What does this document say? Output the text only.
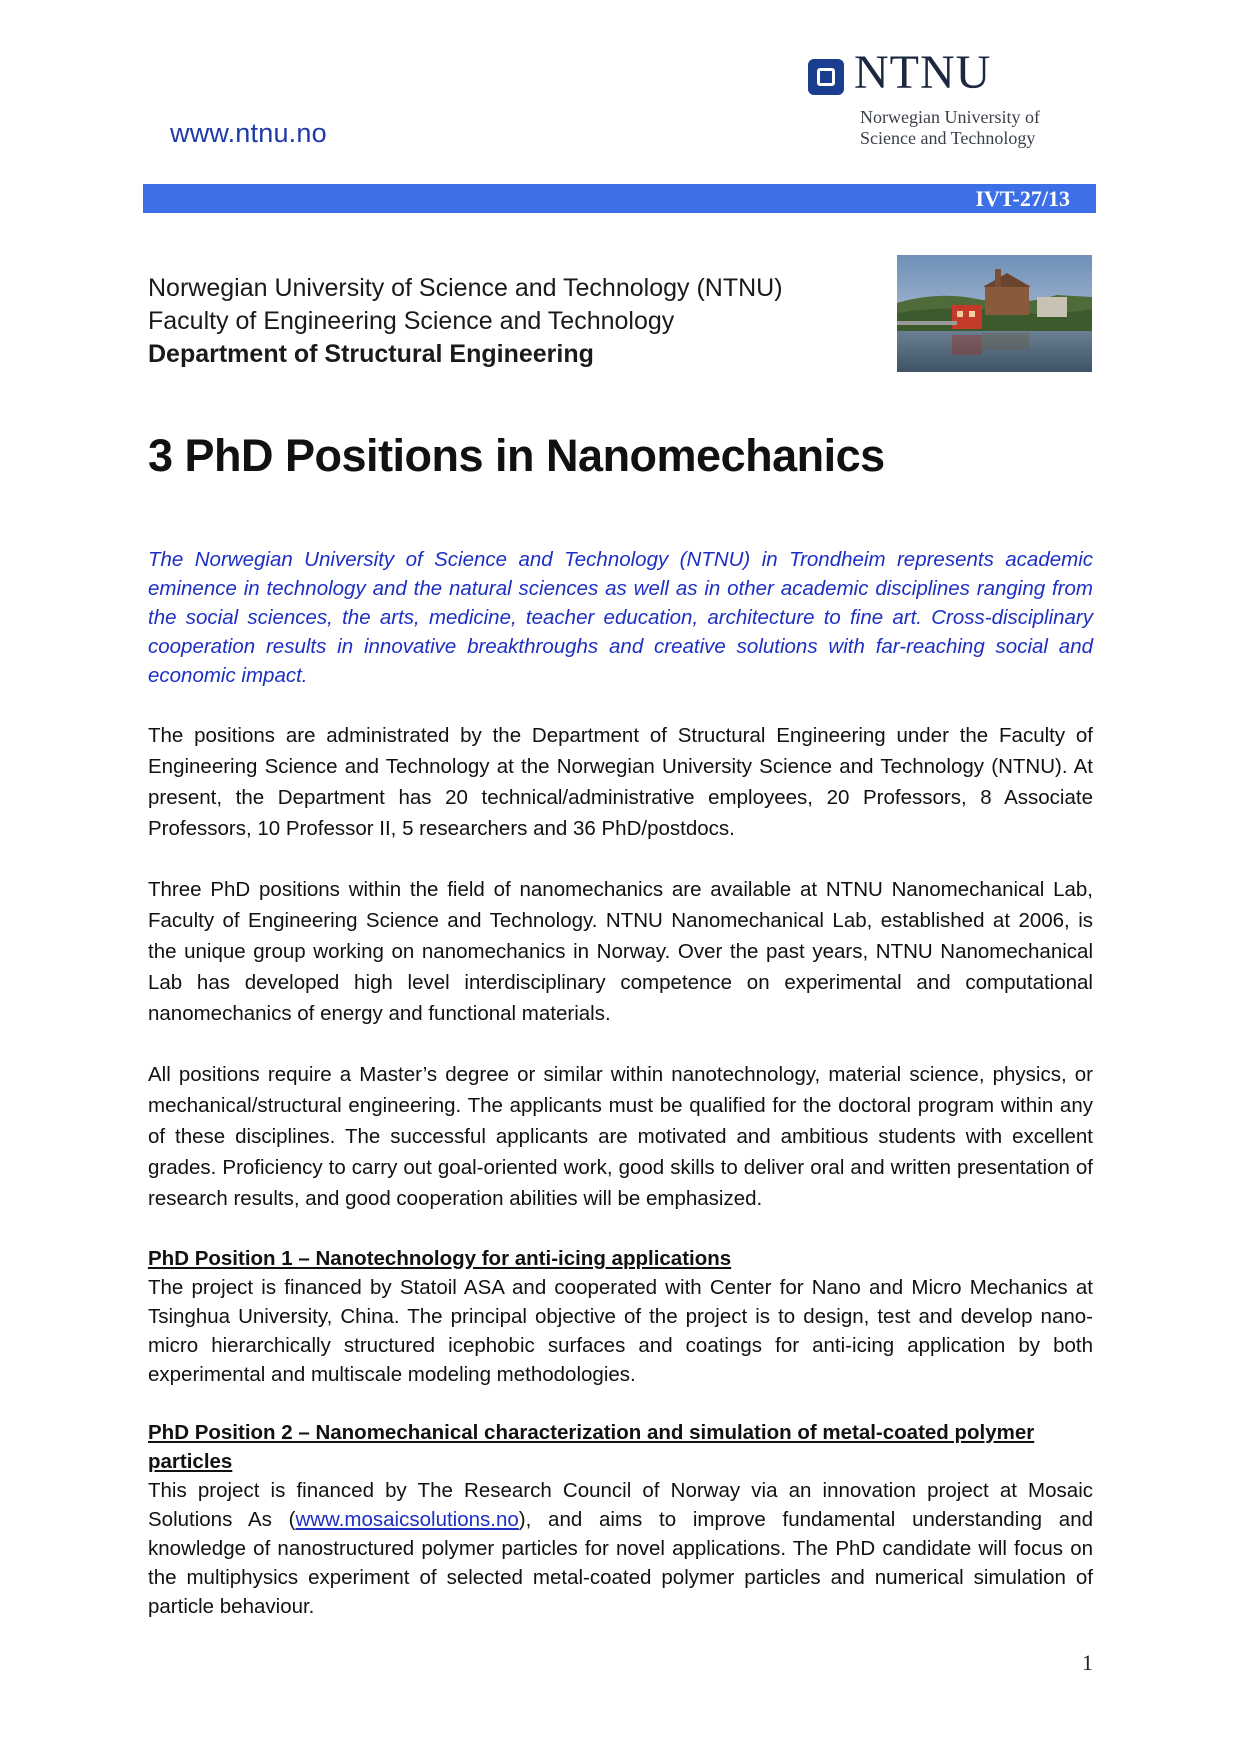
www.ntnu.no
NTNU
Norwegian University of
Science and Technology
IVT-27/13
Norwegian University of Science and Technology (NTNU)
Faculty of Engineering Science and Technology
Department of Structural Engineering
3 PhD Positions in Nanomechanics

The Norwegian University of Science and Technology (NTNU) in Trondheim represents academic eminence in technology and the natural sciences as well as in other academic disciplines ranging from the social sciences, the arts, medicine, teacher education, architecture to fine art. Cross-disciplinary cooperation results in innovative breakthroughs and creative solutions with far-reaching social and economic impact.

The positions are administrated by the Department of Structural Engineering under the Faculty of Engineering Science and Technology at the Norwegian University Science and Technology (NTNU). At present, the Department has 20 technical/administrative employees, 20 Professors, 8 Associate Professors, 10 Professor II, 5 researchers and 36 PhD/postdocs.

Three PhD positions within the field of nanomechanics are available at NTNU Nanomechanical Lab, Faculty of Engineering Science and Technology. NTNU Nanomechanical Lab, established at 2006, is the unique group working on nanomechanics in Norway. Over the past years, NTNU Nanomechanical Lab has developed high level interdisciplinary competence on experimental and computational nanomechanics of energy and functional materials.

All positions require a Master’s degree or similar within nanotechnology, material science, physics, or mechanical/structural engineering. The applicants must be qualified for the doctoral program within any of these disciplines. The successful applicants are motivated and ambitious students with excellent grades. Proficiency to carry out goal-oriented work, good skills to deliver oral and written presentation of research results, and good cooperation abilities will be emphasized.

PhD Position 1 – Nanotechnology for anti-icing applications

The project is financed by Statoil ASA and cooperated with Center for Nano and Micro Mechanics at Tsinghua University, China. The principal objective of the project is to design, test and develop nano-micro hierarchically structured icephobic surfaces and coatings for anti-icing application by both experimental and multiscale modeling methodologies.

PhD Position 2 – Nanomechanical characterization and simulation of metal-coated polymer particles

This project is financed by The Research Council of Norway via an innovation project at Mosaic Solutions As (www.mosaicsolutions.no), and aims to improve fundamental understanding and knowledge of nanostructured polymer particles for novel applications. The PhD candidate will focus on the multiphysics experiment of selected metal-coated polymer particles and numerical simulation of particle behaviour.

1
